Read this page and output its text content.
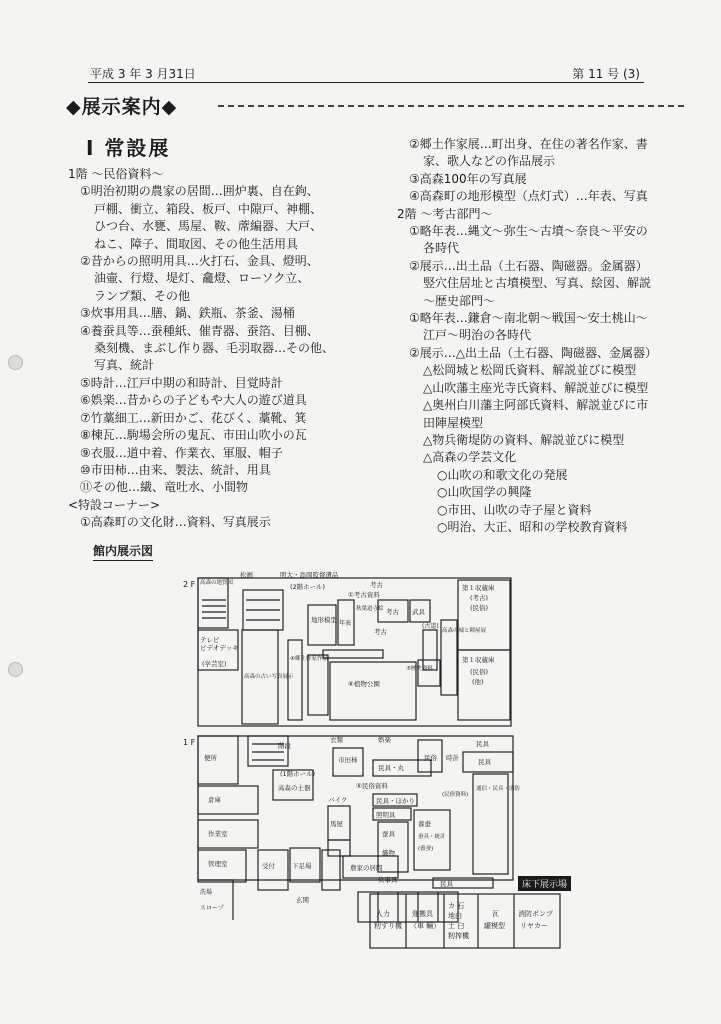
平成 3 年 3 月31日	第 11 号 (3)
◆展示案内◆
Ⅰ 常設展
1階 〜民俗資料〜
①明治初期の農家の居間…囲炉裏、自在鉤、
戸棚、衝立、箱段、板戸、中隙戸、神棚、
ひつ台、水甕、馬屋、鞍、蓆編器、大戸、
ねこ、障子、間取図、その他生活用具
②昔からの照明用具…火打石、金具、燈明、
油壷、行燈、堤灯、龕燈、ローソク立、
ランプ類、その他
③炊事用具…膳、鍋、鉄瓶、茶釜、湯桶
④養蚕具等…蚕種紙、催青器、蚕箔、目棚、
桑刻機、まぶし作り器、毛羽取器…その他、
写真、統計
⑤時計…江戸中期の和時計、目覚時計
⑥娯楽…昔からの子どもや大人の遊び道具
⑦竹藁細工…新田かご、花びく、藁靴、箕
⑧棟瓦…駒場会所の鬼瓦、市田山吹小の瓦
⑨衣服…道中着、作業衣、軍服、帽子
⑩市田柿…由来、製法、統計、用具
⑪その他…繊、竜吐水、小間物
<特設コーナー>
①高森町の文化財…資料、写真展示
②郷土作家展…町出身、在住の著名作家、書
家、歌人などの作品展示
③高森100年の写真展
④高森町の地形模型（点灯式）…年表、写真
2階 〜考古部門〜
①略年表…縄文〜弥生〜古墳〜奈良〜平安の
各時代
②展示…出土品（土石器、陶磁器。金属器）
竪穴住居址と古墳模型、写真、絵図、解説
〜歴史部門〜
①略年表…鎌倉〜南北朝〜戦国〜安土桃山〜
江戸〜明治の各時代
②展示…△出土品（土石器、陶磁器、金属器）
△松岡城と松岡氏資料、解説並びに模型
△山吹藩主座光寺氏資料、解説並びに模型
△奥州白川藩主阿部氏資料、解説並びに市
田陣屋模型
△物兵衛堤防の資料、解説並びに模型
△高森の学芸文化
○山吹の和歌文化の発展
○山吹国学の興隆
○市田、山吹の寺子屋と資料
○明治、大正、昭和の学校教育資料
館内展示図
2 F
松画	明大・島岡監督遺品
(2階ホール)	考古
①考古資料
考古 武具
第１収蔵庫
(考古)
(民俗)
高森の地質図
地形模型 年表
秋葉道寺絵
考古
(古道)
高森の城と陣屋展
テレビ
ビデオデッキ
(学芸室)
高森の古い写真展示
④郷土作家作品
⑤歴史資料
⑥植物公園
第１収蔵庫
(民俗)
(他)
1 F
便所
階段
衣類	娯楽	民具
時計
民俗
(1階ホール)
市田柿
民具・丸
⑤民俗資料
民具
倉庫
高森の土器
民具・ほかり
照明具
作業室
バイク
馬屋
蚕具
養蚕
蚕具・統計
(養蚕)
(民俗資料)
通信・民具・消防
管理室	受付	下足場	農家の居間
炊事具
織物
民具
洗場
スロープ
玄関
床下展示場
人力
籾すり機
運搬具
（車 輛）
カ 石
地臼
土 臼
籾搾機
瓦
罐模型
消防ポンプ
リヤカー
